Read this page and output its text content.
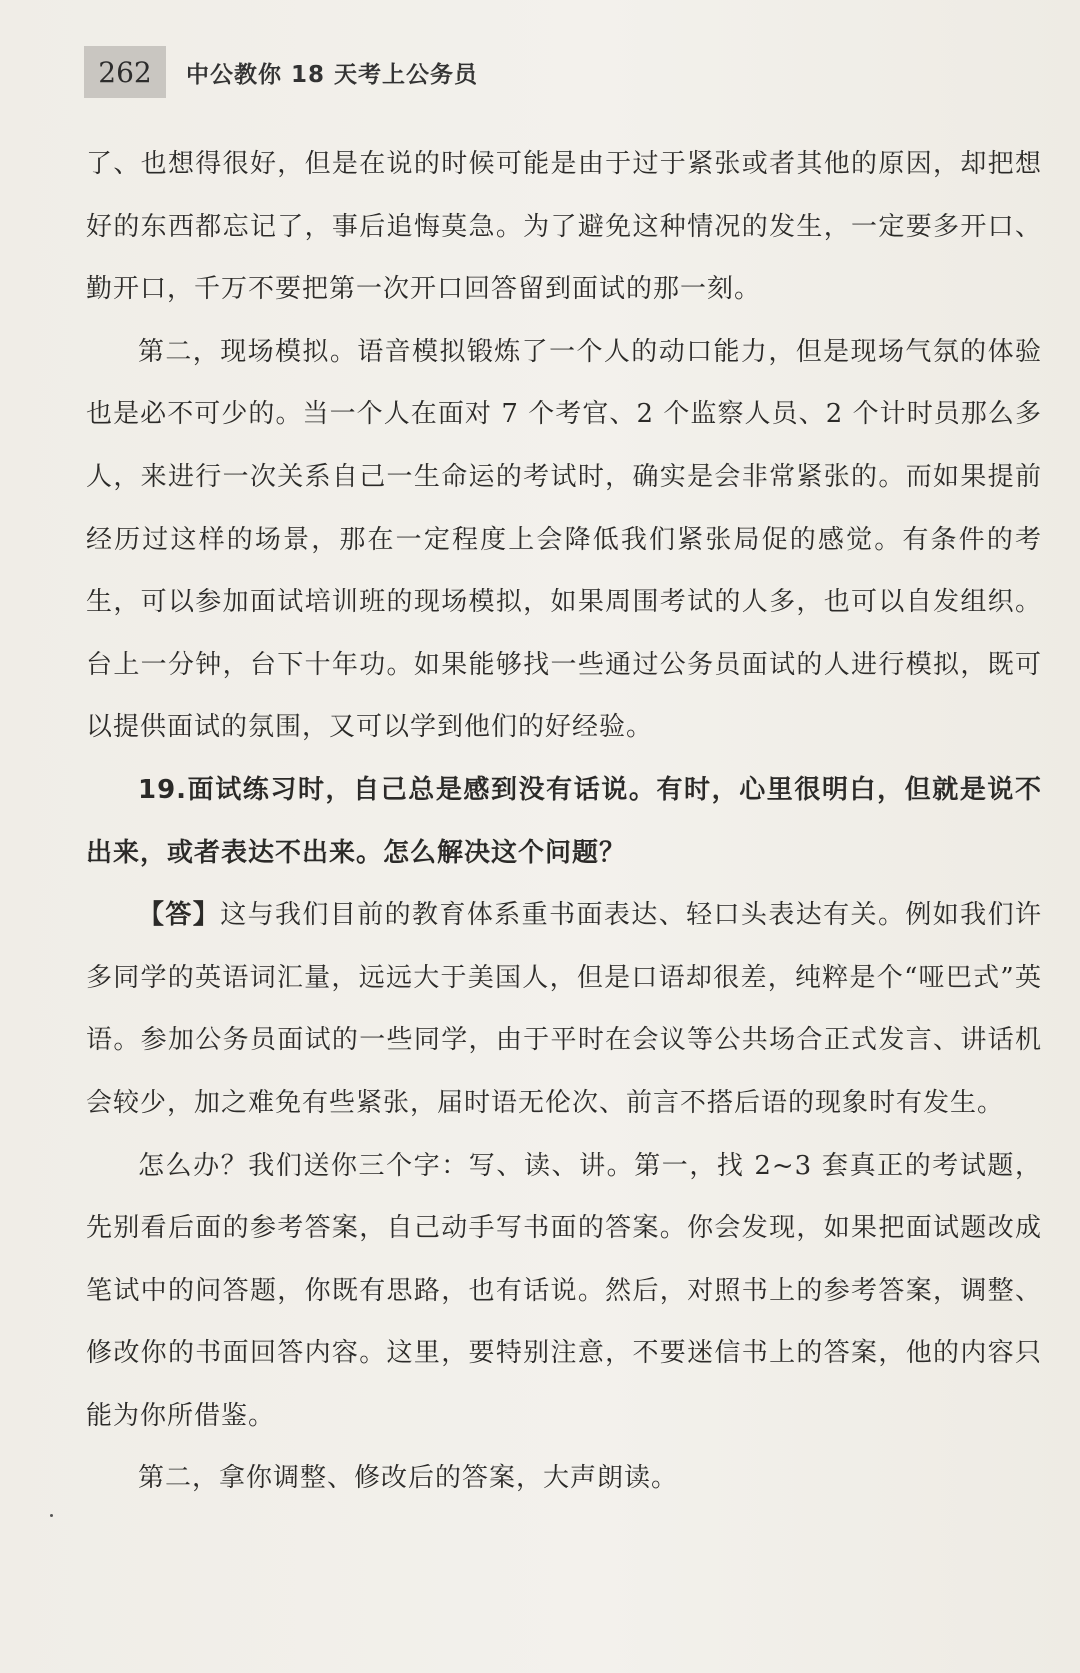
262	中公教你 18 天考上公务员

了、也想得很好，但是在说的时候可能是由于过于紧张或者其他的原因，却把想好的东西都忘记了，事后追悔莫急。为了避免这种情况的发生，一定要多开口、勤开口，千万不要把第一次开口回答留到面试的那一刻。

第二，现场模拟。语音模拟锻炼了一个人的动口能力，但是现场气氛的体验也是必不可少的。当一个人在面对 7 个考官、2 个监察人员、2 个计时员那么多人，来进行一次关系自己一生命运的考试时，确实是会非常紧张的。而如果提前经历过这样的场景，那在一定程度上会降低我们紧张局促的感觉。有条件的考生，可以参加面试培训班的现场模拟，如果周围考试的人多，也可以自发组织。台上一分钟，台下十年功。如果能够找一些通过公务员面试的人进行模拟，既可以提供面试的氛围，又可以学到他们的好经验。

19.面试练习时，自己总是感到没有话说。有时，心里很明白，但就是说不出来，或者表达不出来。怎么解决这个问题？

【答】这与我们目前的教育体系重书面表达、轻口头表达有关。例如我们许多同学的英语词汇量，远远大于美国人，但是口语却很差，纯粹是个“哑巴式”英语。参加公务员面试的一些同学，由于平时在会议等公共场合正式发言、讲话机会较少，加之难免有些紧张，届时语无伦次、前言不搭后语的现象时有发生。

怎么办？我们送你三个字：写、读、讲。第一，找 2~3 套真正的考试题，先别看后面的参考答案，自己动手写书面的答案。你会发现，如果把面试题改成笔试中的问答题，你既有思路，也有话说。然后，对照书上的参考答案，调整、修改你的书面回答内容。这里，要特别注意，不要迷信书上的答案，他的内容只能为你所借鉴。

第二，拿你调整、修改后的答案，大声朗读。
